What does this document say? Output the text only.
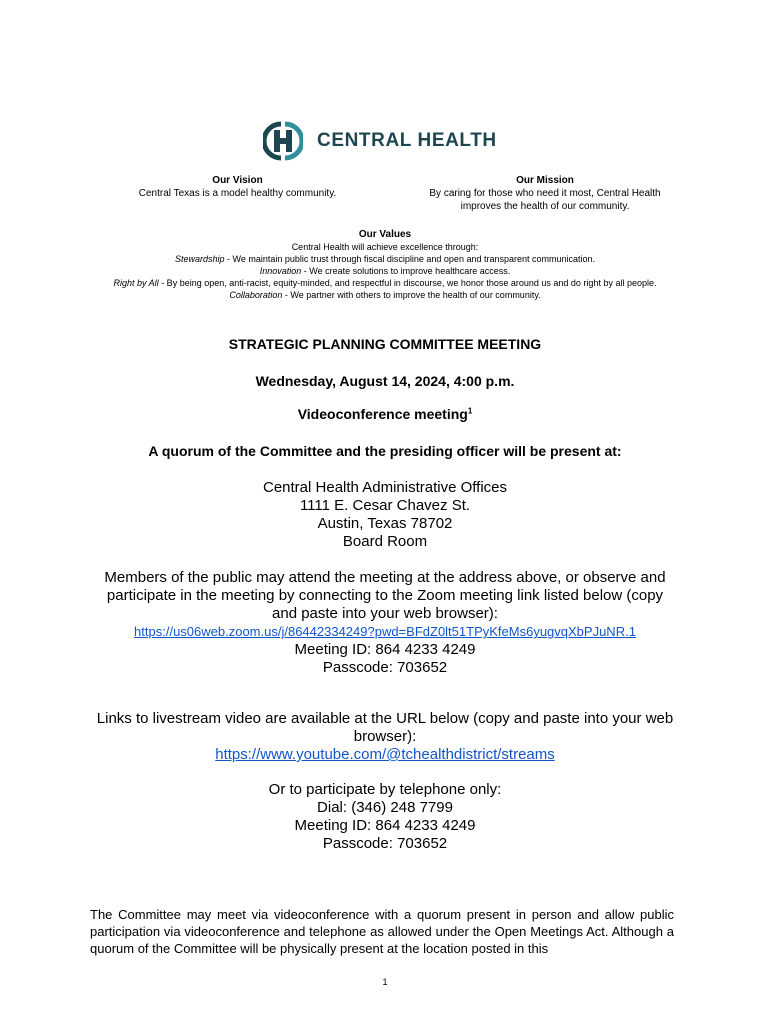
CENTRAL HEALTH
Our Vision
Central Texas is a model healthy community.
Our Mission
By caring for those who need it most, Central Health
improves the health of our community.
Our Values
Central Health will achieve excellence through:
Stewardship - We maintain public trust through fiscal discipline and open and transparent communication.
Innovation - We create solutions to improve healthcare access.
Right by All - By being open, anti-racist, equity-minded, and respectful in discourse, we honor those around us and do right by all people.
Collaboration - We partner with others to improve the health of our community.
STRATEGIC PLANNING COMMITTEE MEETING
Wednesday, August 14, 2024, 4:00 p.m.
Videoconference meeting$^1$
A quorum of the Committee and the presiding officer will be present at:
Central Health Administrative Offices
1111 E. Cesar Chavez St.
Austin, Texas 78702
Board Room
Members of the public may attend the meeting at the address above, or observe and
participate in the meeting by connecting to the Zoom meeting link listed below (copy
and paste into your web browser):
https://us06web.zoom.us/j/86442334249?pwd=BFdZ0lt51TPyKfeMs6yugvqXbPJuNR.1
Meeting ID: 864 4233 4249
Passcode: 703652
Links to livestream video are available at the URL below (copy and paste into your web
browser):
https://www.youtube.com/@tchealthdistrict/streams
Or to participate by telephone only:
Dial: (346) 248 7799
Meeting ID: 864 4233 4249
Passcode: 703652
The Committee may meet via videoconference with a quorum present in person and allow public participation via videoconference and telephone as allowed under the Open Meetings Act. Although a quorum of the Committee will be physically present at the location posted in this
1
